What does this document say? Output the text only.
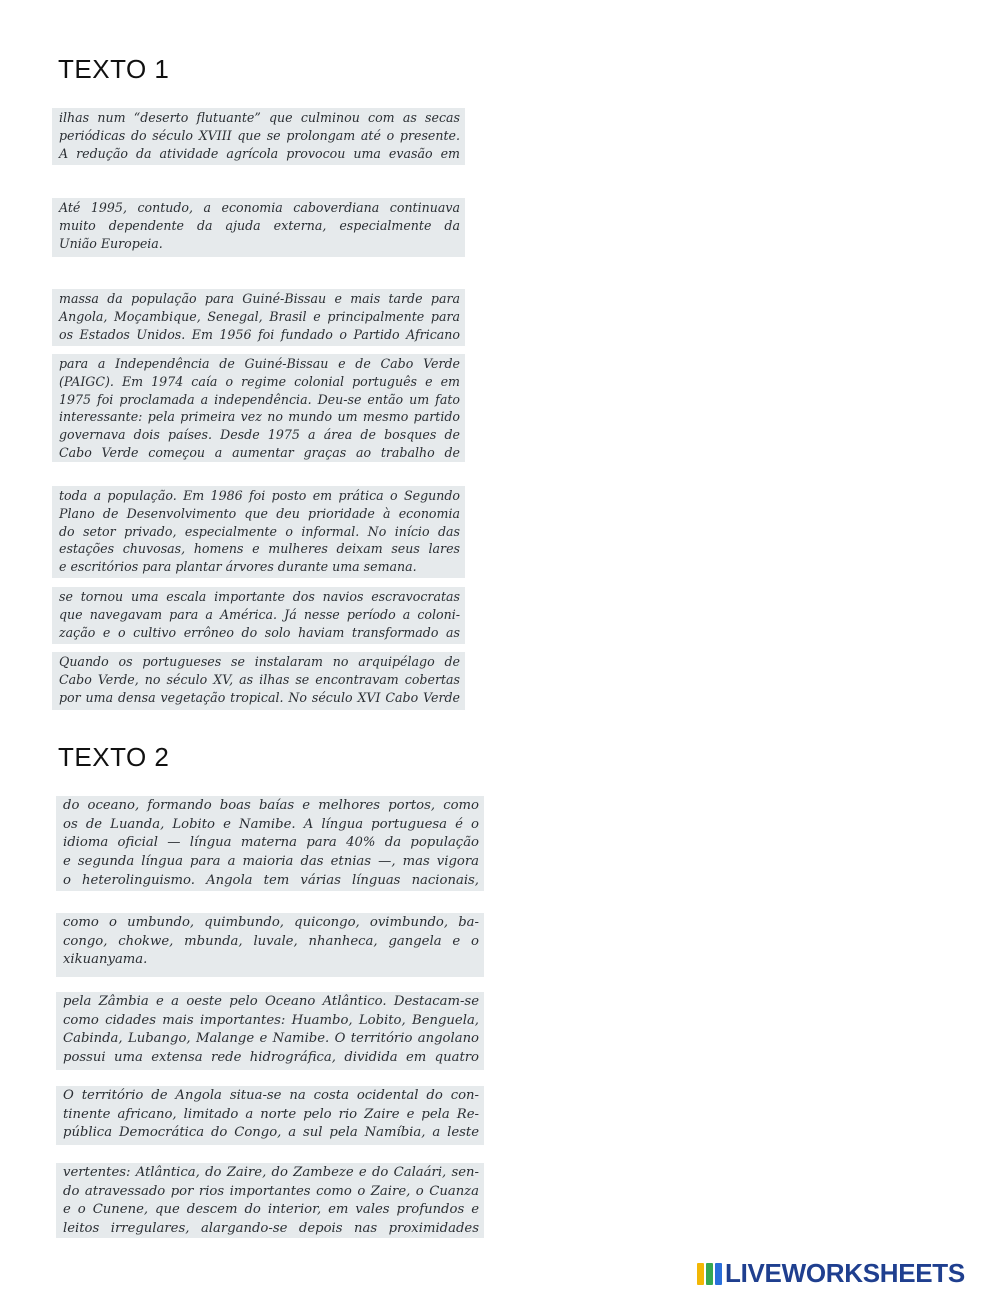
TEXTO 1

ilhas num “deserto flutuante” que culminou com as secas

periódicas do século XVIII que se prolongam até o presente.

A redução da atividade agrícola provocou uma evasão em

Até 1995, contudo, a economia caboverdiana continuava

muito dependente da ajuda externa, especialmente da

União Europeia.

massa da população para Guiné-Bissau e mais tarde para

Angola, Moçambique, Senegal, Brasil e principalmente para

os Estados Unidos. Em 1956 foi fundado o Partido Africano

para a Independência de Guiné-Bissau e de Cabo Verde

(PAIGC). Em 1974 caía o regime colonial português e em

1975 foi proclamada a independência. Deu-se então um fato

interessante: pela primeira vez no mundo um mesmo partido

governava dois países. Desde 1975 a área de bosques de

Cabo Verde começou a aumentar graças ao trabalho de

toda a população. Em 1986 foi posto em prática o Segundo

Plano de Desenvolvimento que deu prioridade à economia

do setor privado, especialmente o informal. No início das

estações chuvosas, homens e mulheres deixam seus lares

e escritórios para plantar árvores durante uma semana.

se tornou uma escala importante dos navios escravocratas

que navegavam para a América. Já nesse período a coloni-

zação e o cultivo errôneo do solo haviam transformado as

Quando os portugueses se instalaram no arquipélago de

Cabo Verde, no século XV, as ilhas se encontravam cobertas

por uma densa vegetação tropical. No século XVI Cabo Verde

TEXTO 2

do oceano, formando boas baías e melhores portos, como

os de Luanda, Lobito e Namibe. A língua portuguesa é o

idioma oficial — língua materna para 40% da população

e segunda língua para a maioria das etnias —, mas vigora

o heterolinguismo. Angola tem várias línguas nacionais,

como o umbundo, quimbundo, quicongo, ovimbundo, ba-

congo, chokwe, mbunda, luvale, nhanheca, gangela e o

xikuanyama.

pela Zâmbia e a oeste pelo Oceano Atlântico. Destacam-se

como cidades mais importantes: Huambo, Lobito, Benguela,

Cabinda, Lubango, Malange e Namibe. O território angolano

possui uma extensa rede hidrográfica, dividida em quatro

O território de Angola situa-se na costa ocidental do con-

tinente africano, limitado a norte pelo rio Zaire e pela Re-

pública Democrática do Congo, a sul pela Namíbia, a leste

vertentes: Atlântica, do Zaire, do Zambeze e do Calaári, sen-

do atravessado por rios importantes como o Zaire, o Cuanza

e o Cunene, que descem do interior, em vales profundos e

leitos irregulares, alargando-se depois nas proximidades

LIVEWORKSHEETS
